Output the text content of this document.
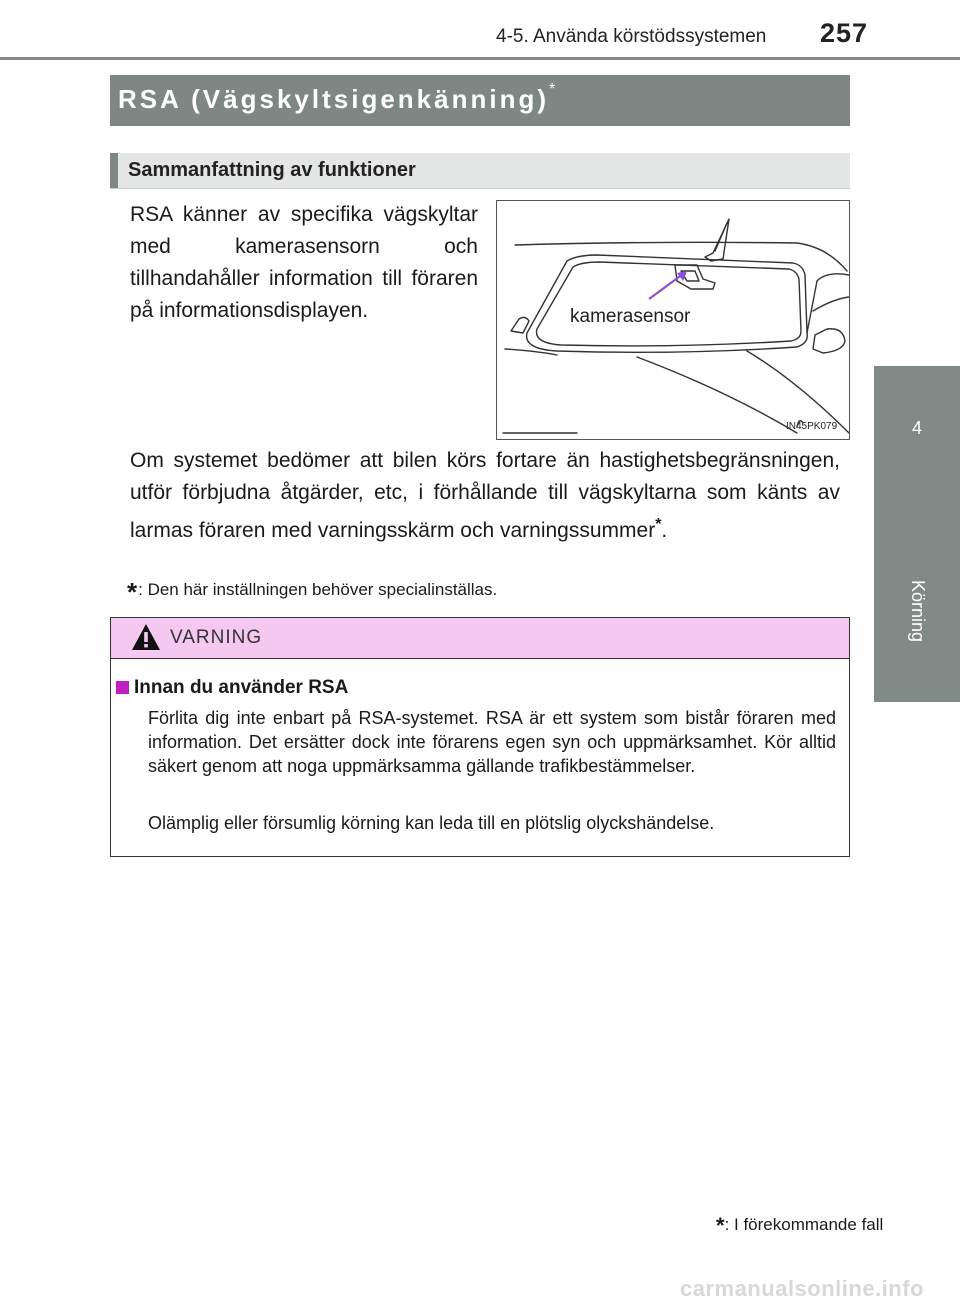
4-5. Använda körstödssystemen 257
4
Körning
RSA (Vägskyltsigenkänning)*
Sammanfattning av funktioner
RSA känner av specifika vägskyltar med kamerasensorn och tillhandahåller information till föraren på informationsdisplayen.	kamerasensor
IN45PK079
Om systemet bedömer att bilen körs fortare än hastighetsbegränsningen, utför förbjudna åtgärder, etc, i förhållande till vägskyltarna som känts av larmas föraren med varningsskärm och varningssummer*.
*: Den här inställningen behöver specialinställas.
VARNING
Innan du använder RSA
Förlita dig inte enbart på RSA-systemet. RSA är ett system som bistår föraren med information. Det ersätter dock inte förarens egen syn och uppmärksamhet. Kör alltid säkert genom att noga uppmärksamma gällande trafikbestämmelser.
Olämplig eller försumlig körning kan leda till en plötslig olyckshändelse.
*: I förekommande fall
carmanualsonline.info
